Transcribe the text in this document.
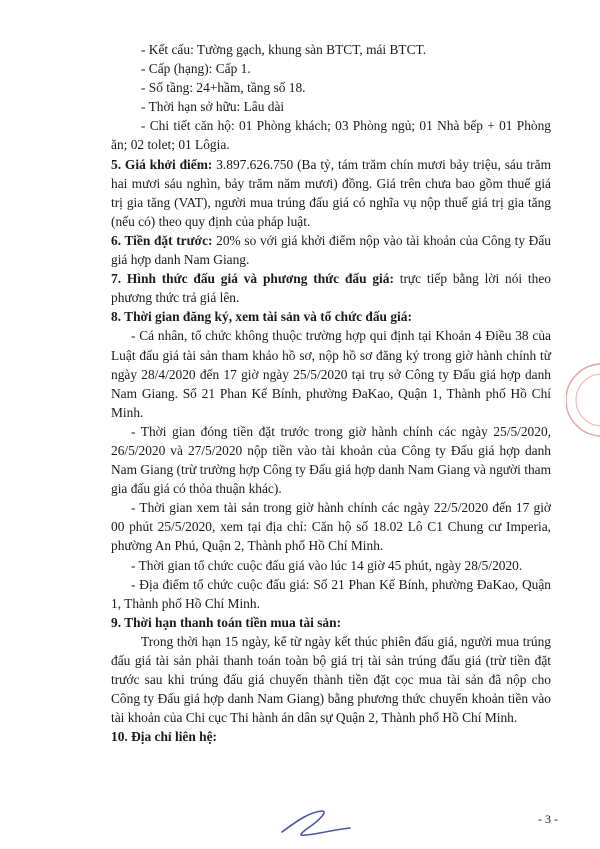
- Kết cấu: Tường gạch, khung sàn BTCT, mái BTCT.

- Cấp (hạng): Cấp 1.

- Số tầng: 24+hầm, tầng số 18.

- Thời hạn sở hữu: Lâu dài

- Chi tiết căn hộ: 01 Phòng khách; 03 Phòng ngủ; 01 Nhà bếp + 01 Phòng ăn; 02 tolet; 01 Lôgia.

5. Giá khởi điểm: 3.897.626.750 (Ba tỷ, tám trăm chín mươi bảy triệu, sáu trăm hai mươi sáu nghìn, bảy trăm năm mươi) đồng. Giá trên chưa bao gồm thuế giá trị gia tăng (VAT), người mua trúng đấu giá có nghĩa vụ nộp thuế giá trị gia tăng (nếu có) theo quy định của pháp luật.

6. Tiền đặt trước: 20% so với giá khởi điểm nộp vào tài khoản của Công ty Đấu giá hợp danh Nam Giang.

7. Hình thức đấu giá và phương thức đấu giá: trực tiếp bằng lời nói theo phương thức trả giá lên.

8. Thời gian đăng ký, xem tài sản và tổ chức đấu giá:

- Cá nhân, tổ chức không thuộc trường hợp qui định tại Khoản 4 Điều 38 của Luật đấu giá tài sản tham khảo hồ sơ, nộp hồ sơ đăng ký trong giờ hành chính từ ngày 28/4/2020 đến 17 giờ ngày 25/5/2020 tại trụ sở Công ty Đấu giá hợp danh Nam Giang. Số 21 Phan Kế Bính, phường ĐaKao, Quận 1, Thành phố Hồ Chí Minh.

- Thời gian đóng tiền đặt trước trong giờ hành chính các ngày 25/5/2020, 26/5/2020 và 27/5/2020 nộp tiền vào tài khoản của Công ty Đấu giá hợp danh Nam Giang (trừ trường hợp Công ty Đấu giá hợp danh Nam Giang và người tham gia đấu giá có thỏa thuận khác).

- Thời gian xem tài sản trong giờ hành chính các ngày 22/5/2020 đến 17 giờ 00 phút 25/5/2020, xem tại địa chỉ: Căn hộ số 18.02 Lô C1 Chung cư Imperia, phường An Phú, Quận 2, Thành phố Hồ Chí Minh.

- Thời gian tổ chức cuộc đấu giá vào lúc 14 giờ 45 phút, ngày 28/5/2020.

- Địa điểm tổ chức cuộc đấu giá: Số 21 Phan Kế Bính, phường ĐaKao, Quận 1, Thành phố Hồ Chí Minh.

9. Thời hạn thanh toán tiền mua tài sản:

Trong thời hạn 15 ngày, kể từ ngày kết thúc phiên đấu giá, người mua trúng đấu giá tài sản phải thanh toán toàn bộ giá trị tài sản trúng đấu giá (trừ tiền đặt trước sau khi trúng đấu giá chuyển thành tiền đặt cọc mua tài sản đã nộp cho Công ty Đấu giá hợp danh Nam Giang) bằng phương thức chuyển khoản tiền vào tài khoản của Chi cục Thi hành án dân sự Quận 2, Thành phố Hồ Chí Minh.

10. Địa chỉ liên hệ:

- 3 -
